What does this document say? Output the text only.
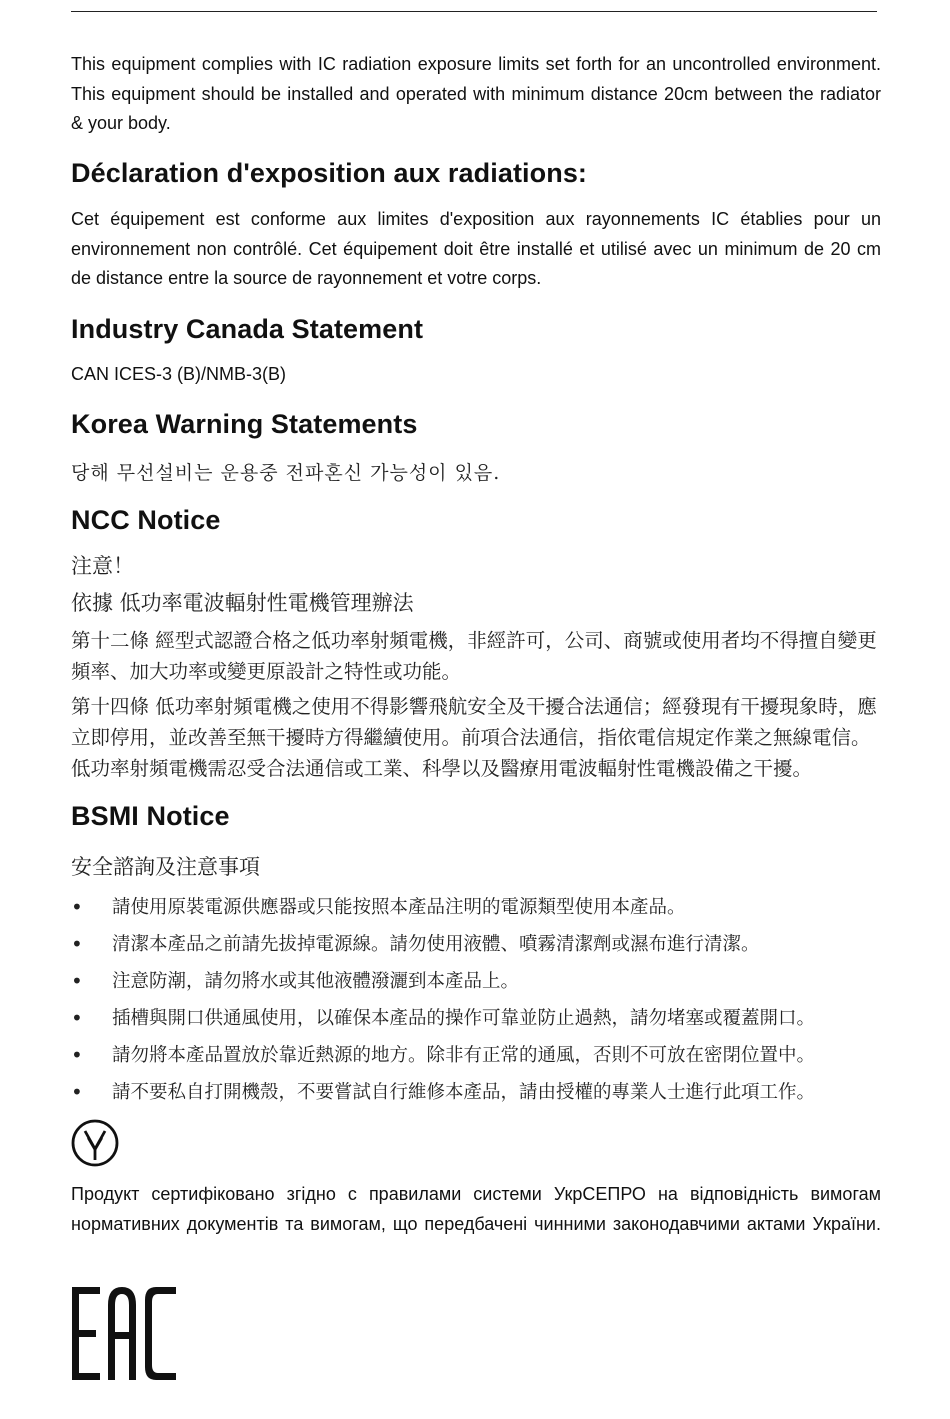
This equipment complies with IC radiation exposure limits set forth for an uncontrolled environment. This equipment should be installed and operated with minimum distance 20cm between the radiator & your body.

Déclaration d'exposition aux radiations:

Cet équipement est conforme aux limites d'exposition aux rayonnements IC établies pour un environnement non contrôlé. Cet équipement doit être installé et utilisé avec un minimum de 20 cm de distance entre la source de rayonnement et votre corps.

Industry Canada Statement

CAN ICES-3 (B)/NMB-3(B)

Korea Warning Statements

당해 무선설비는 운용중 전파혼신 가능성이 있음.

NCC Notice

注意！

依據 低功率電波輻射性電機管理辦法

第十二條 經型式認證合格之低功率射頻電機，非經許可，公司、商號或使用者均不得擅自變更頻率、加大功率或變更原設計之特性或功能。

第十四條 低功率射頻電機之使用不得影響飛航安全及干擾合法通信；經發現有干擾現象時，應立即停用，並改善至無干擾時方得繼續使用。前項合法通信，指依電信規定作業之無線電信。低功率射頻電機需忍受合法通信或工業、科學以及醫療用電波輻射性電機設備之干擾。

BSMI Notice

安全諮詢及注意事項

• 請使用原裝電源供應器或只能按照本產品注明的電源類型使用本產品。
• 清潔本產品之前請先拔掉電源線。請勿使用液體、噴霧清潔劑或濕布進行清潔。
• 注意防潮，請勿將水或其他液體潑灑到本產品上。
• 插槽與開口供通風使用，以確保本產品的操作可靠並防止過熱，請勿堵塞或覆蓋開口。
• 請勿將本產品置放於靠近熱源的地方。除非有正常的通風，否則不可放在密閉位置中。
• 請不要私自打開機殼，不要嘗試自行維修本產品，請由授權的專業人士進行此項工作。

Продукт сертифіковано згідно с правилами системи УкрСЕПРО на відповідність вимогам нормативних документів та вимогам, що передбачені чинними законодавчими актами України.
